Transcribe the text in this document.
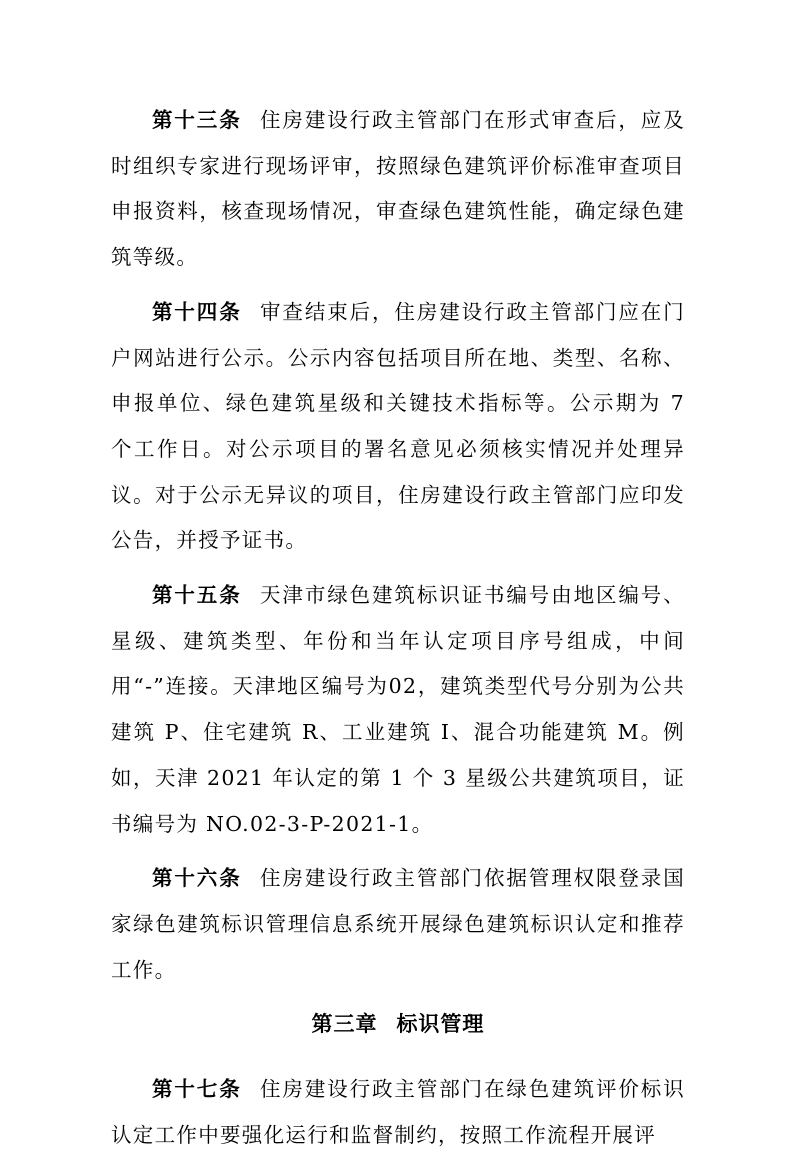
第十三条 住房建设行政主管部门在形式审查后，应及时组织专家进行现场评审，按照绿色建筑评价标准审查项目申报资料，核查现场情况，审查绿色建筑性能，确定绿色建筑等级。

第十四条 审查结束后，住房建设行政主管部门应在门户网站进行公示。公示内容包括项目所在地、类型、名称、申报单位、绿色建筑星级和关键技术指标等。公示期为 7 个工作日。对公示项目的署名意见必须核实情况并处理异议。对于公示无异议的项目，住房建设行政主管部门应印发公告，并授予证书。

第十五条 天津市绿色建筑标识证书编号由地区编号、星级、建筑类型、年份和当年认定项目序号组成，中间用“-”连接。天津地区编号为02，建筑类型代号分别为公共建筑 P、住宅建筑 R、工业建筑 I、混合功能建筑 M。例如，天津 2021 年认定的第 1 个 3 星级公共建筑项目，证书编号为 NO.02-3-P-2021-1。

第十六条 住房建设行政主管部门依据管理权限登录国家绿色建筑标识管理信息系统开展绿色建筑标识认定和推荐工作。

第三章 标识管理

第十七条 住房建设行政主管部门在绿色建筑评价标识认定工作中要强化运行和监督制约，按照工作流程开展评
